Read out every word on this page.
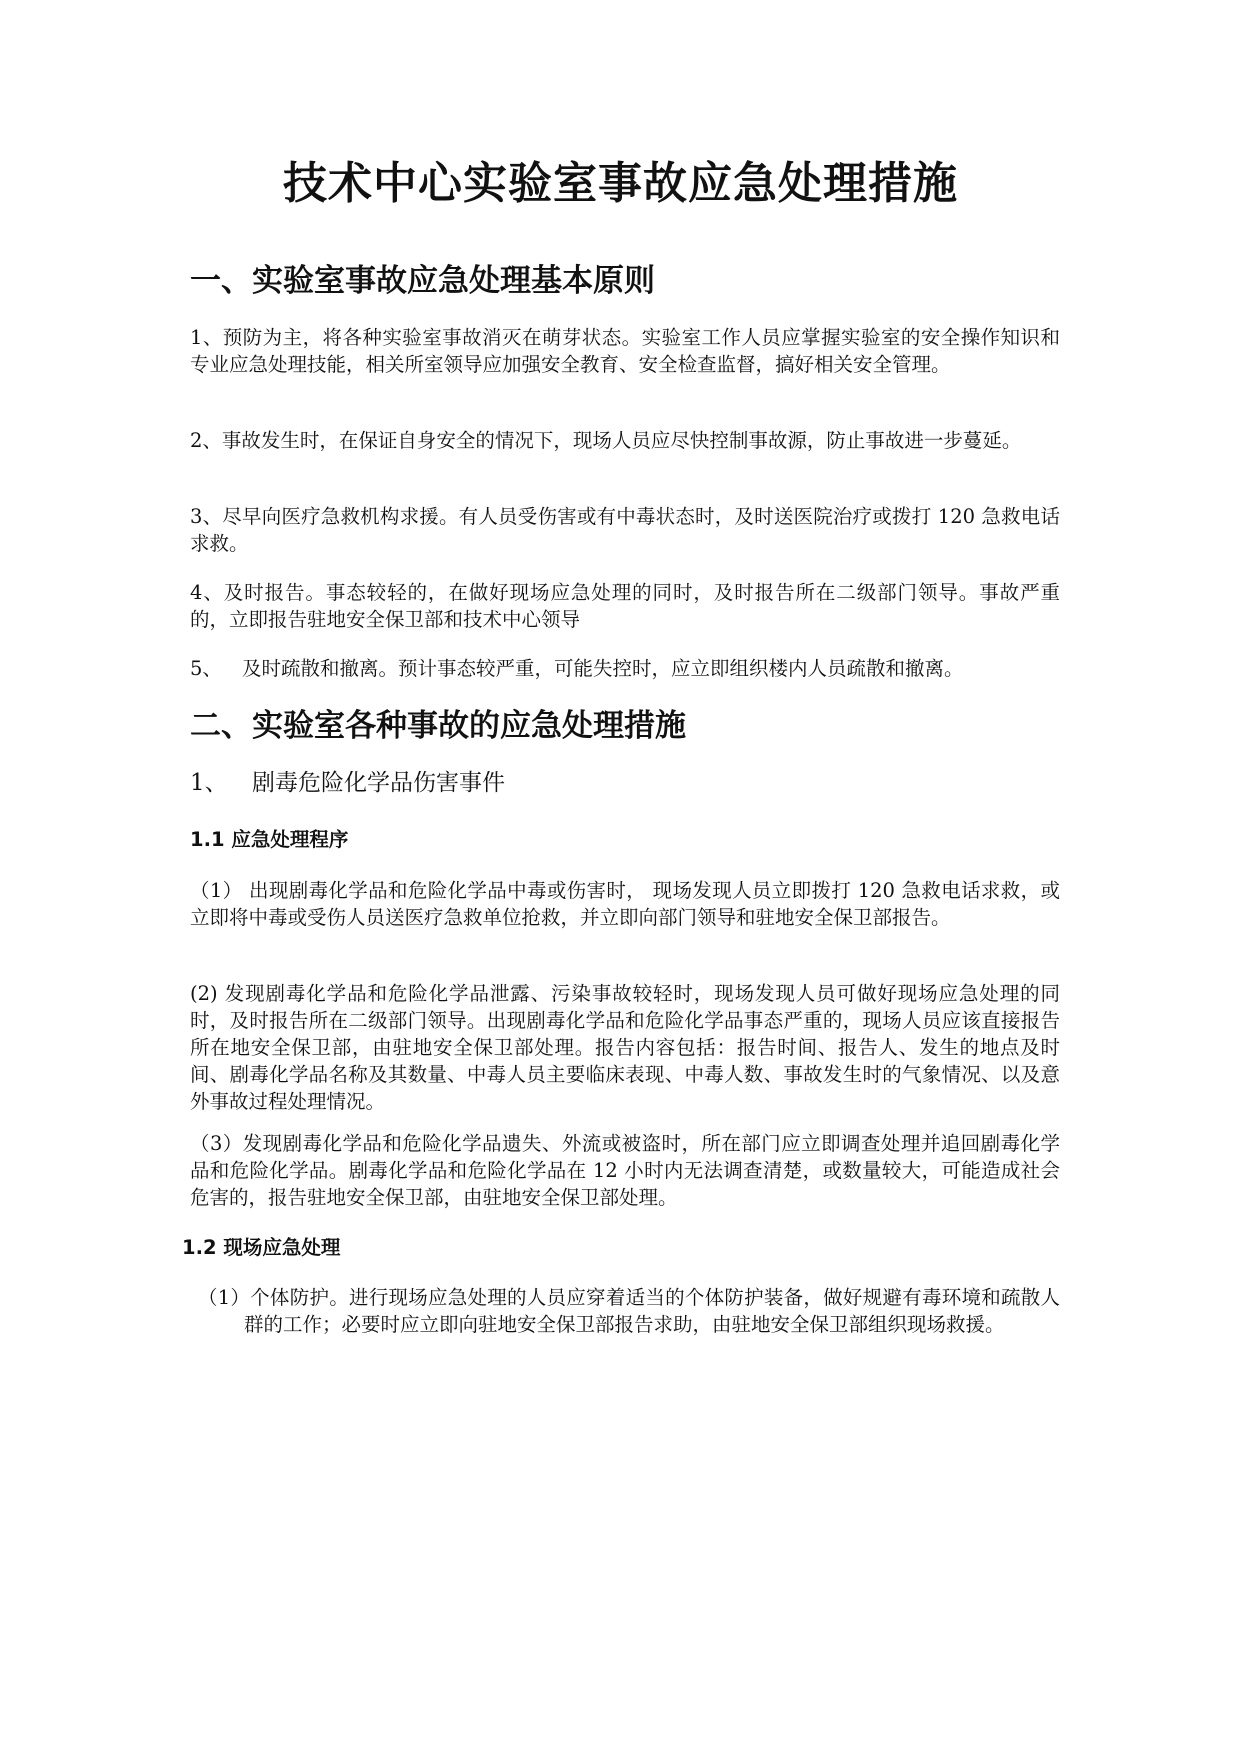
技术中心实验室事故应急处理措施
一、实验室事故应急处理基本原则

1、预防为主，将各种实验室事故消灭在萌芽状态。实验室工作人员应掌握实验室的安全操作知识和专业应急处理技能，相关所室领导应加强安全教育、安全检查监督，搞好相关安全管理。

2、事故发生时，在保证自身安全的情况下，现场人员应尽快控制事故源，防止事故进一步蔓延。

3、尽早向医疗急救机构求援。有人员受伤害或有中毒状态时，及时送医院治疗或拨打 120 急救电话求救。

4、及时报告。事态较轻的，在做好现场应急处理的同时，及时报告所在二级部门领导。事故严重的，立即报告驻地安全保卫部和技术中心领导

5、 及时疏散和撤离。预计事态较严重，可能失控时，应立即组织楼内人员疏散和撤离。
二、实验室各种事故的应急处理措施
1、 剧毒危险化学品伤害事件
1.1 应急处理程序

（1） 出现剧毒化学品和危险化学品中毒或伤害时， 现场发现人员立即拨打 120 急救电话求救，或立即将中毒或受伤人员送医疗急救单位抢救，并立即向部门领导和驻地安全保卫部报告。

(2) 发现剧毒化学品和危险化学品泄露、污染事故较轻时，现场发现人员可做好现场应急处理的同时，及时报告所在二级部门领导。出现剧毒化学品和危险化学品事态严重的，现场人员应该直接报告所在地安全保卫部，由驻地安全保卫部处理。报告内容包括：报告时间、报告人、发生的地点及时间、剧毒化学品名称及其数量、中毒人员主要临床表现、中毒人数、事故发生时的气象情况、以及意外事故过程处理情况。

（3）发现剧毒化学品和危险化学品遗失、外流或被盗时，所在部门应立即调查处理并追回剧毒化学品和危险化学品。剧毒化学品和危险化学品在 12 小时内无法调查清楚，或数量较大，可能造成社会危害的，报告驻地安全保卫部，由驻地安全保卫部处理。

1.2 现场应急处理

（1）个体防护。进行现场应急处理的人员应穿着适当的个体防护装备，做好规避有毒环境和疏散人群的工作；必要时应立即向驻地安全保卫部报告求助，由驻地安全保卫部组织现场救援。
